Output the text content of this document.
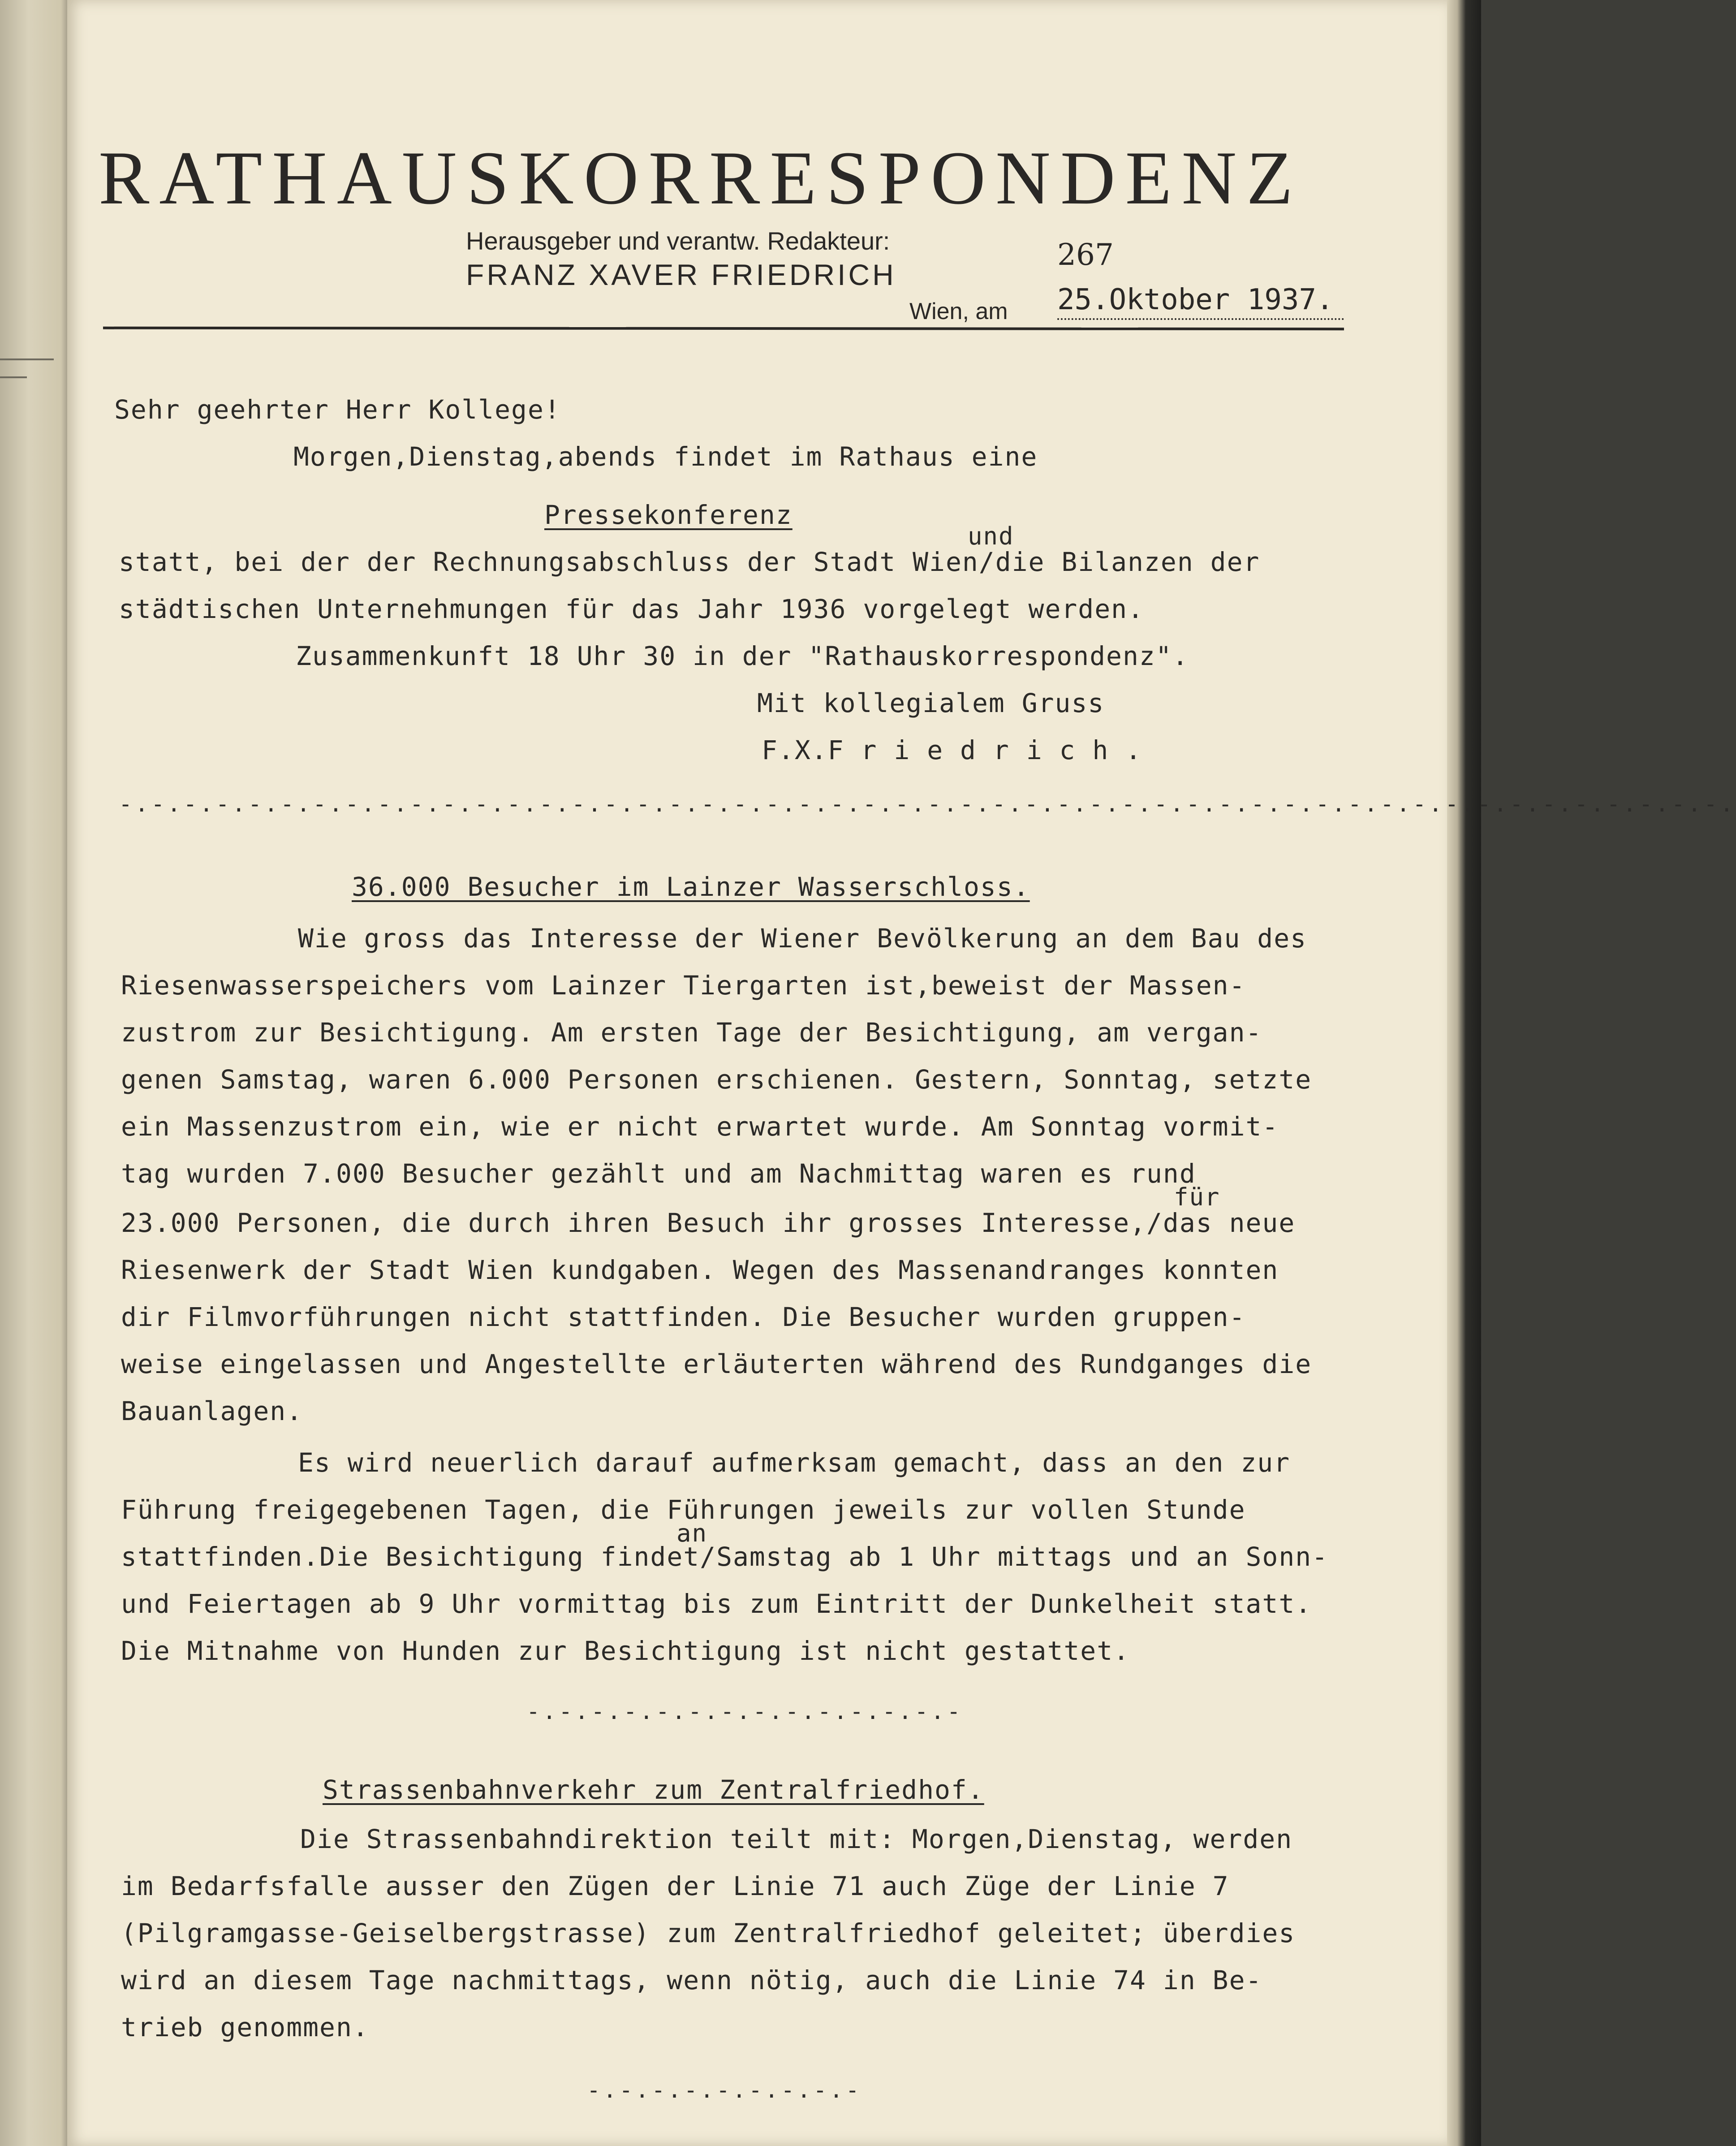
RATHAUSKORRESPONDENZ
Herausgeber und verantw. Redakteur:
FRANZ XAVER FRIEDRICH
267
Wien, am 25.Oktober 1937.
Sehr geehrter Herr Kollege!
Morgen,Dienstag,abends findet im Rathaus eine
Pressekonferenz
und
statt, bei der der Rechnungsabschluss der Stadt Wien/die Bilanzen der
städtischen Unternehmungen für das Jahr 1936 vorgelegt werden.
Zusammenkunft 18 Uhr 30 in der "Rathauskorrespondenz".
Mit kollegialem Gruss
F.X.F r i e d r i c h .
-.-.-.-.-.-.-.-.-.-.-.-.-.-.-.-.-.-.-.-.-.-.-.-.-.-.-.-.-.-.-.-.-.-.-.-.-.-.-.-.-.-.-.-.-.-.-.-.-.-.
36.000 Besucher im Lainzer Wasserschloss.
Wie gross das Interesse der Wiener Bevölkerung an dem Bau des
Riesenwasserspeichers vom Lainzer Tiergarten ist,beweist der Massen-
zustrom zur Besichtigung. Am ersten Tage der Besichtigung, am vergan-
genen Samstag, waren 6.000 Personen erschienen. Gestern, Sonntag, setzte
ein Massenzustrom ein, wie er nicht erwartet wurde. Am Sonntag vormit-
tag wurden 7.000 Besucher gezählt und am Nachmittag waren es rund
für
23.000 Personen, die durch ihren Besuch ihr grosses Interesse,/das neue
Riesenwerk der Stadt Wien kundgaben. Wegen des Massenandranges konnten
dir Filmvorführungen nicht stattfinden. Die Besucher wurden gruppen-
weise eingelassen und Angestellte erläuterten während des Rundganges die
Bauanlagen.
Es wird neuerlich darauf aufmerksam gemacht, dass an den zur
Führung freigegebenen Tagen, die Führungen jeweils zur vollen Stunde
an
stattfinden.Die Besichtigung findet/Samstag ab 1 Uhr mittags und an Sonn-
und Feiertagen ab 9 Uhr vormittag bis zum Eintritt der Dunkelheit statt.
Die Mitnahme von Hunden zur Besichtigung ist nicht gestattet.
-.-.-.-.-.-.-.-.-.-.-.-.-.-
Strassenbahnverkehr zum Zentralfriedhof.
Die Strassenbahndirektion teilt mit: Morgen,Dienstag, werden
im Bedarfsfalle ausser den Zügen der Linie 71 auch Züge der Linie 7
(Pilgramgasse-Geiselbergstrasse) zum Zentralfriedhof geleitet; überdies
wird an diesem Tage nachmittags, wenn nötig, auch die Linie 74 in Be-
trieb genommen.
-.-.-.-.-.-.-.-.-
